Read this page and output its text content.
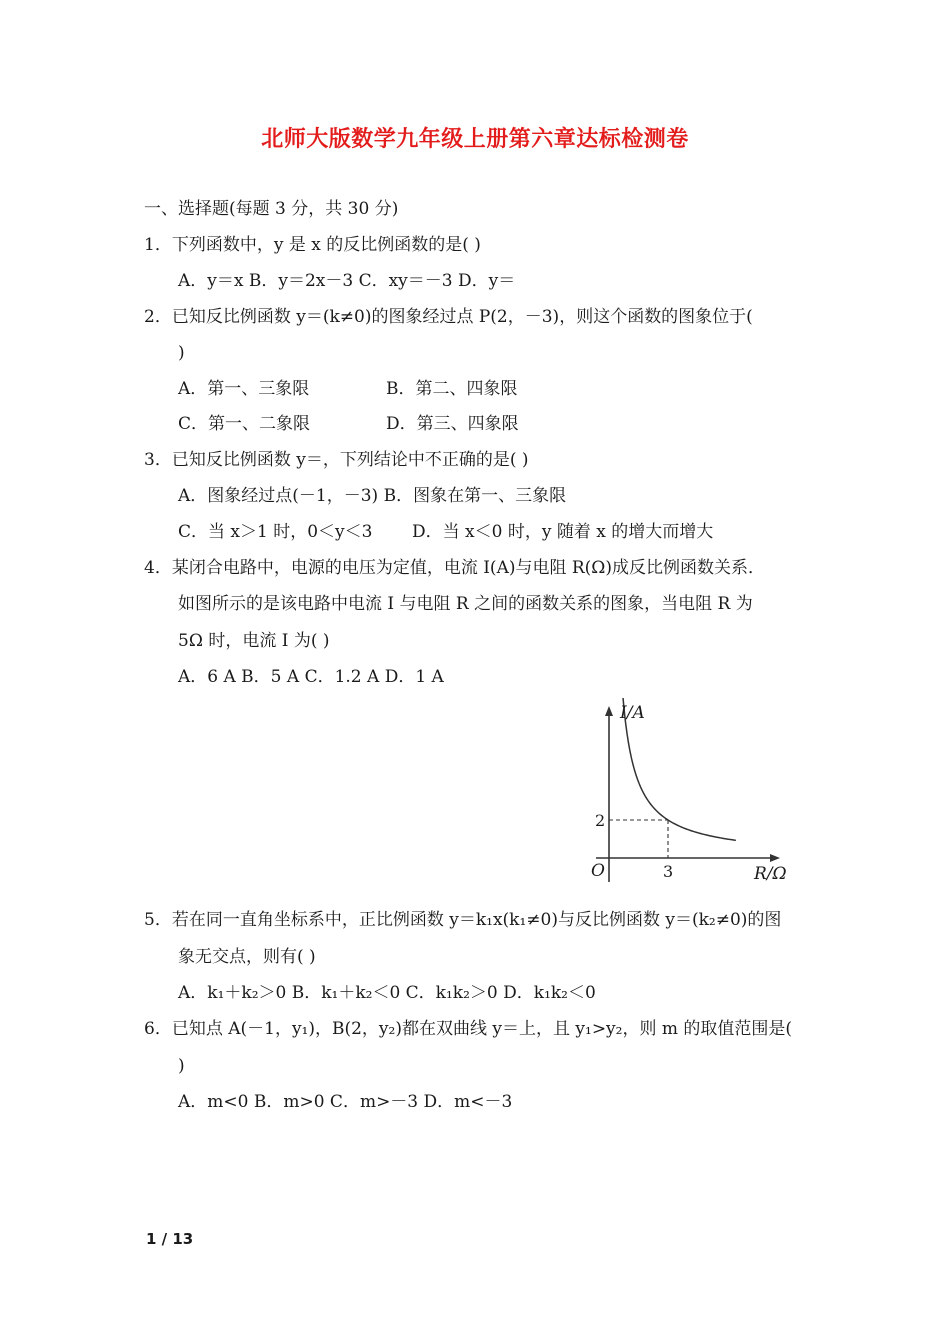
北师大版数学九年级上册第六章达标检测卷
一、选择题(每题 3 分，共 30 分)
1．下列函数中，y 是 x 的反比例函数的是( )
A．y＝x B．y＝2x－3 C．xy＝－3 D．y＝
2．已知反比例函数 y＝(k≠0)的图象经过点 P(2，－3)，则这个函数的图象位于(
)
A．第一、三象限	B．第二、四象限
C．第一、二象限	D．第三、四象限
3．已知反比例函数 y＝，下列结论中不正确的是( )
A．图象经过点(－1，－3) B．图象在第一、三象限
C．当 x＞1 时，0＜y＜3 D．当 x＜0 时，y 随着 x 的增大而增大
4．某闭合电路中，电源的电压为定值，电流 I(A)与电阻 R(Ω)成反比例函数关系．
如图所示的是该电路中电流 I 与电阻 R 之间的函数关系的图象，当电阻 R 为
5Ω 时，电流 I 为( )
A．6 A B．5 A C．1.2 A D．1 A
I/A
R/Ω
O
2
3
5．若在同一直角坐标系中，正比例函数 y＝k₁x(k₁≠0)与反比例函数 y＝(k₂≠0)的图
象无交点，则有( )
A．k₁＋k₂＞0 B．k₁＋k₂＜0 C．k₁k₂＞0 D．k₁k₂＜0
6．已知点 A(－1，y₁)，B(2，y₂)都在双曲线 y＝上，且 y₁>y₂，则 m 的取值范围是(
)
A．m<0 B．m>0 C．m>－3 D．m<－3
1 / 13
